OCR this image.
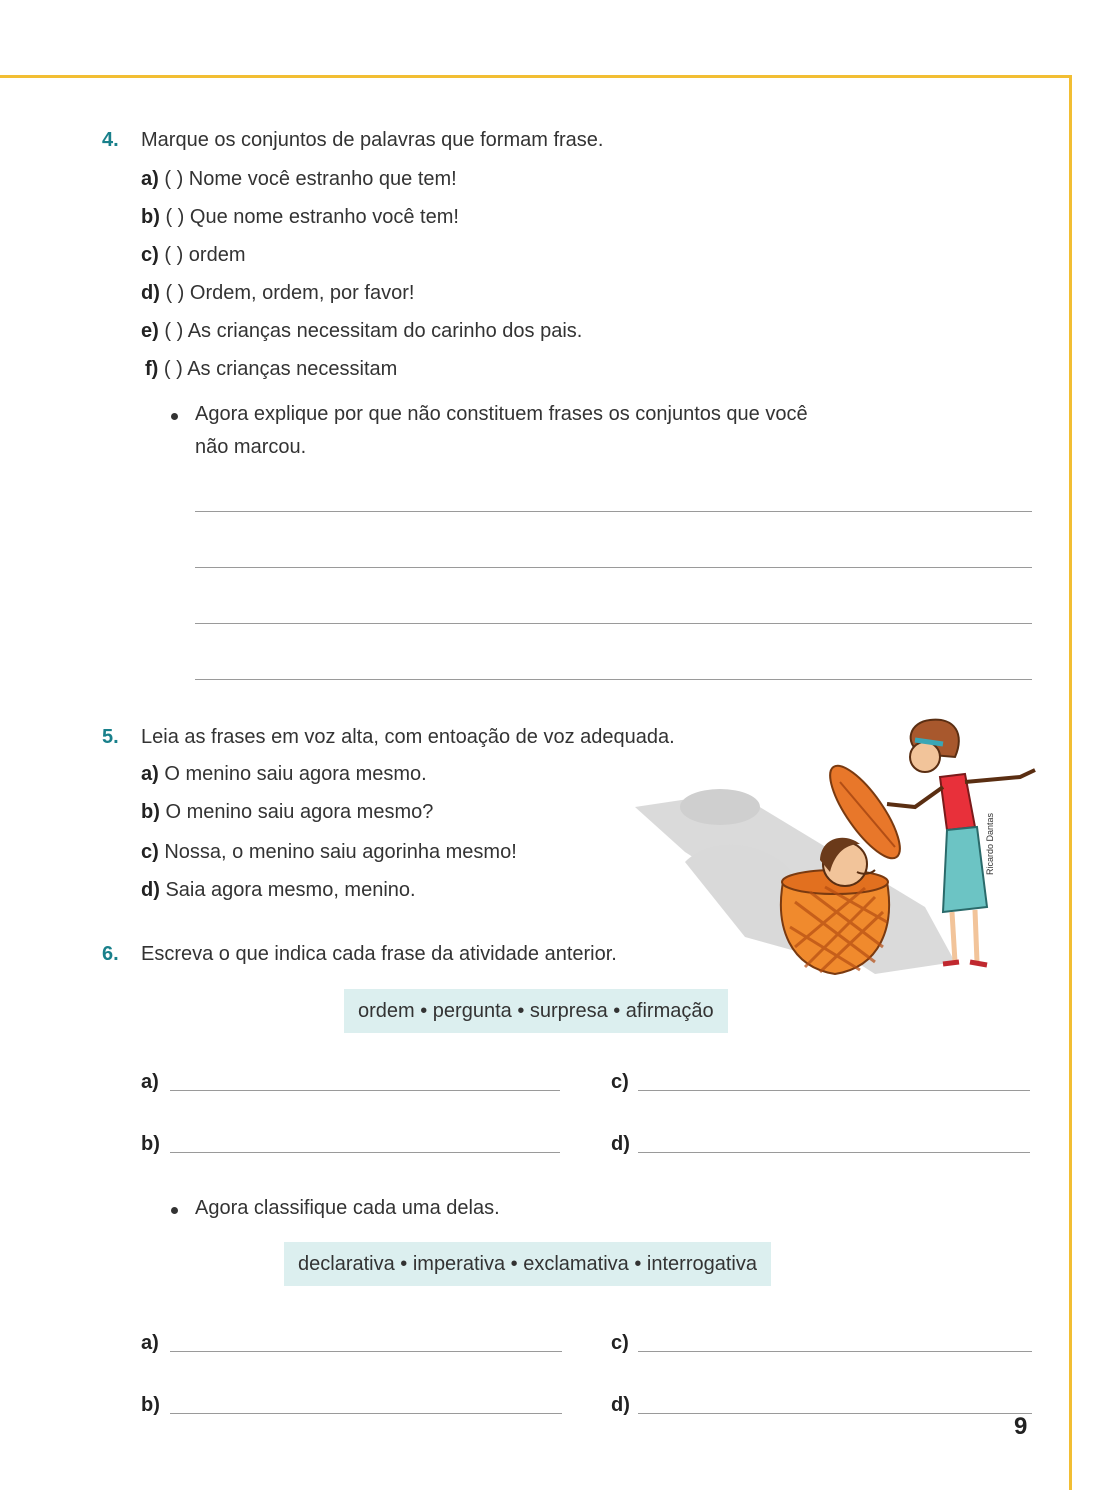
4. Marque os conjuntos de palavras que formam frase.
a) ( ) Nome você estranho que tem!
b) ( ) Que nome estranho você tem!
c) ( ) ordem
d) ( ) Ordem, ordem, por favor!
e) ( ) As crianças necessitam do carinho dos pais.
f) ( ) As crianças necessitam
Agora explique por que não constituem frases os conjuntos que você
não marcou.
5. Leia as frases em voz alta, com entoação de voz adequada.
a) O menino saiu agora mesmo.
b) O menino saiu agora mesmo?
c) Nossa, o menino saiu agorinha mesmo!
d) Saia agora mesmo, menino.
Ricardo Dantas
6. Escreva o que indica cada frase da atividade anterior.
ordem • pergunta • surpresa • afirmação
a)	c)
b)	d)
Agora classifique cada uma delas.
declarativa • imperativa • exclamativa • interrogativa
a)	c)
b)	d)
9
